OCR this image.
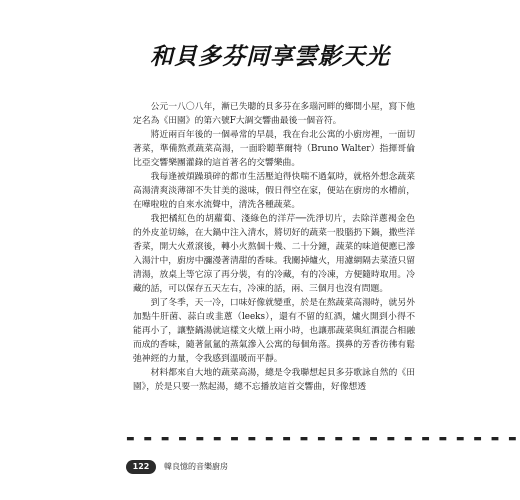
和貝多芬同享雲影天光

公元一八〇八年，漸已失聰的貝多芬在多瑙河畔的鄉間小屋，寫下他定名為《田園》的第六號F大調交響曲最後一個音符。

將近兩百年後的一個尋常的早晨，我在台北公寓的小廚房裡，一面切著菜，準備熬煮蔬菜高湯，一面聆聽華爾特（Bruno Walter）指揮哥倫比亞交響樂團灌錄的這首著名的交響樂曲。

我每逢被煩躁瑣碎的都市生活壓迫得快喘不過氣時，就格外想念蔬菜高湯清爽淡薄卻不失甘美的滋味，假日得空在家，便站在廚房的水槽前，在嘩啦啦的自來水流聲中，清洗各種蔬菜。

我把橘紅色的胡蘿蔔、淺綠色的洋芹──洗淨切片，去除洋蔥褐金色的外皮並切絲，在大鍋中注入清水，將切好的蔬菜一股腦扔下鍋，撒些洋香菜，開大火煮滾後，轉小火熬個十幾、二十分鐘，蔬菜的味道便應已滲入湯汁中，廚房中瀰漫著清甜的香味。我關掉爐火，用濾網隔去菜渣只留清湯，放桌上等它涼了再分裝，有的冷藏，有的冷凍，方便隨時取用。冷藏的話，可以保存五天左右，冷凍的話，兩、三個月也沒有問題。

到了冬季，天一冷，口味好像就變重，於是在熬蔬菜高湯時，就另外加點牛肝菌、蒜白或韭蔥（leeks），還有不留的紅酒，爐火開到小得不能再小了，讓整鍋湯就這樣文火燉上兩小時，也讓那蔬菜與紅酒混合相融而成的香味，隨著氤氳的蒸氣滲入公寓的每個角落。撲鼻的芳香彷彿有鬆弛神經的力量，令我感到溫暖而平靜。

材料都來自大地的蔬菜高湯，總是令我聯想起貝多芬歌詠自然的《田園》，於是只要一熬起湯，總不忘播放這首交響曲，好像想透

▬ ▬ ▬ ▬ ▬ ▬ ▬ ▬ ▬ ▬ ▬ ▬ ▬ ▬ ▬ ▬ ▬ ▬ ▬ ▬ ▬ ▬ ▬
122	韓良憶的音樂廚房
